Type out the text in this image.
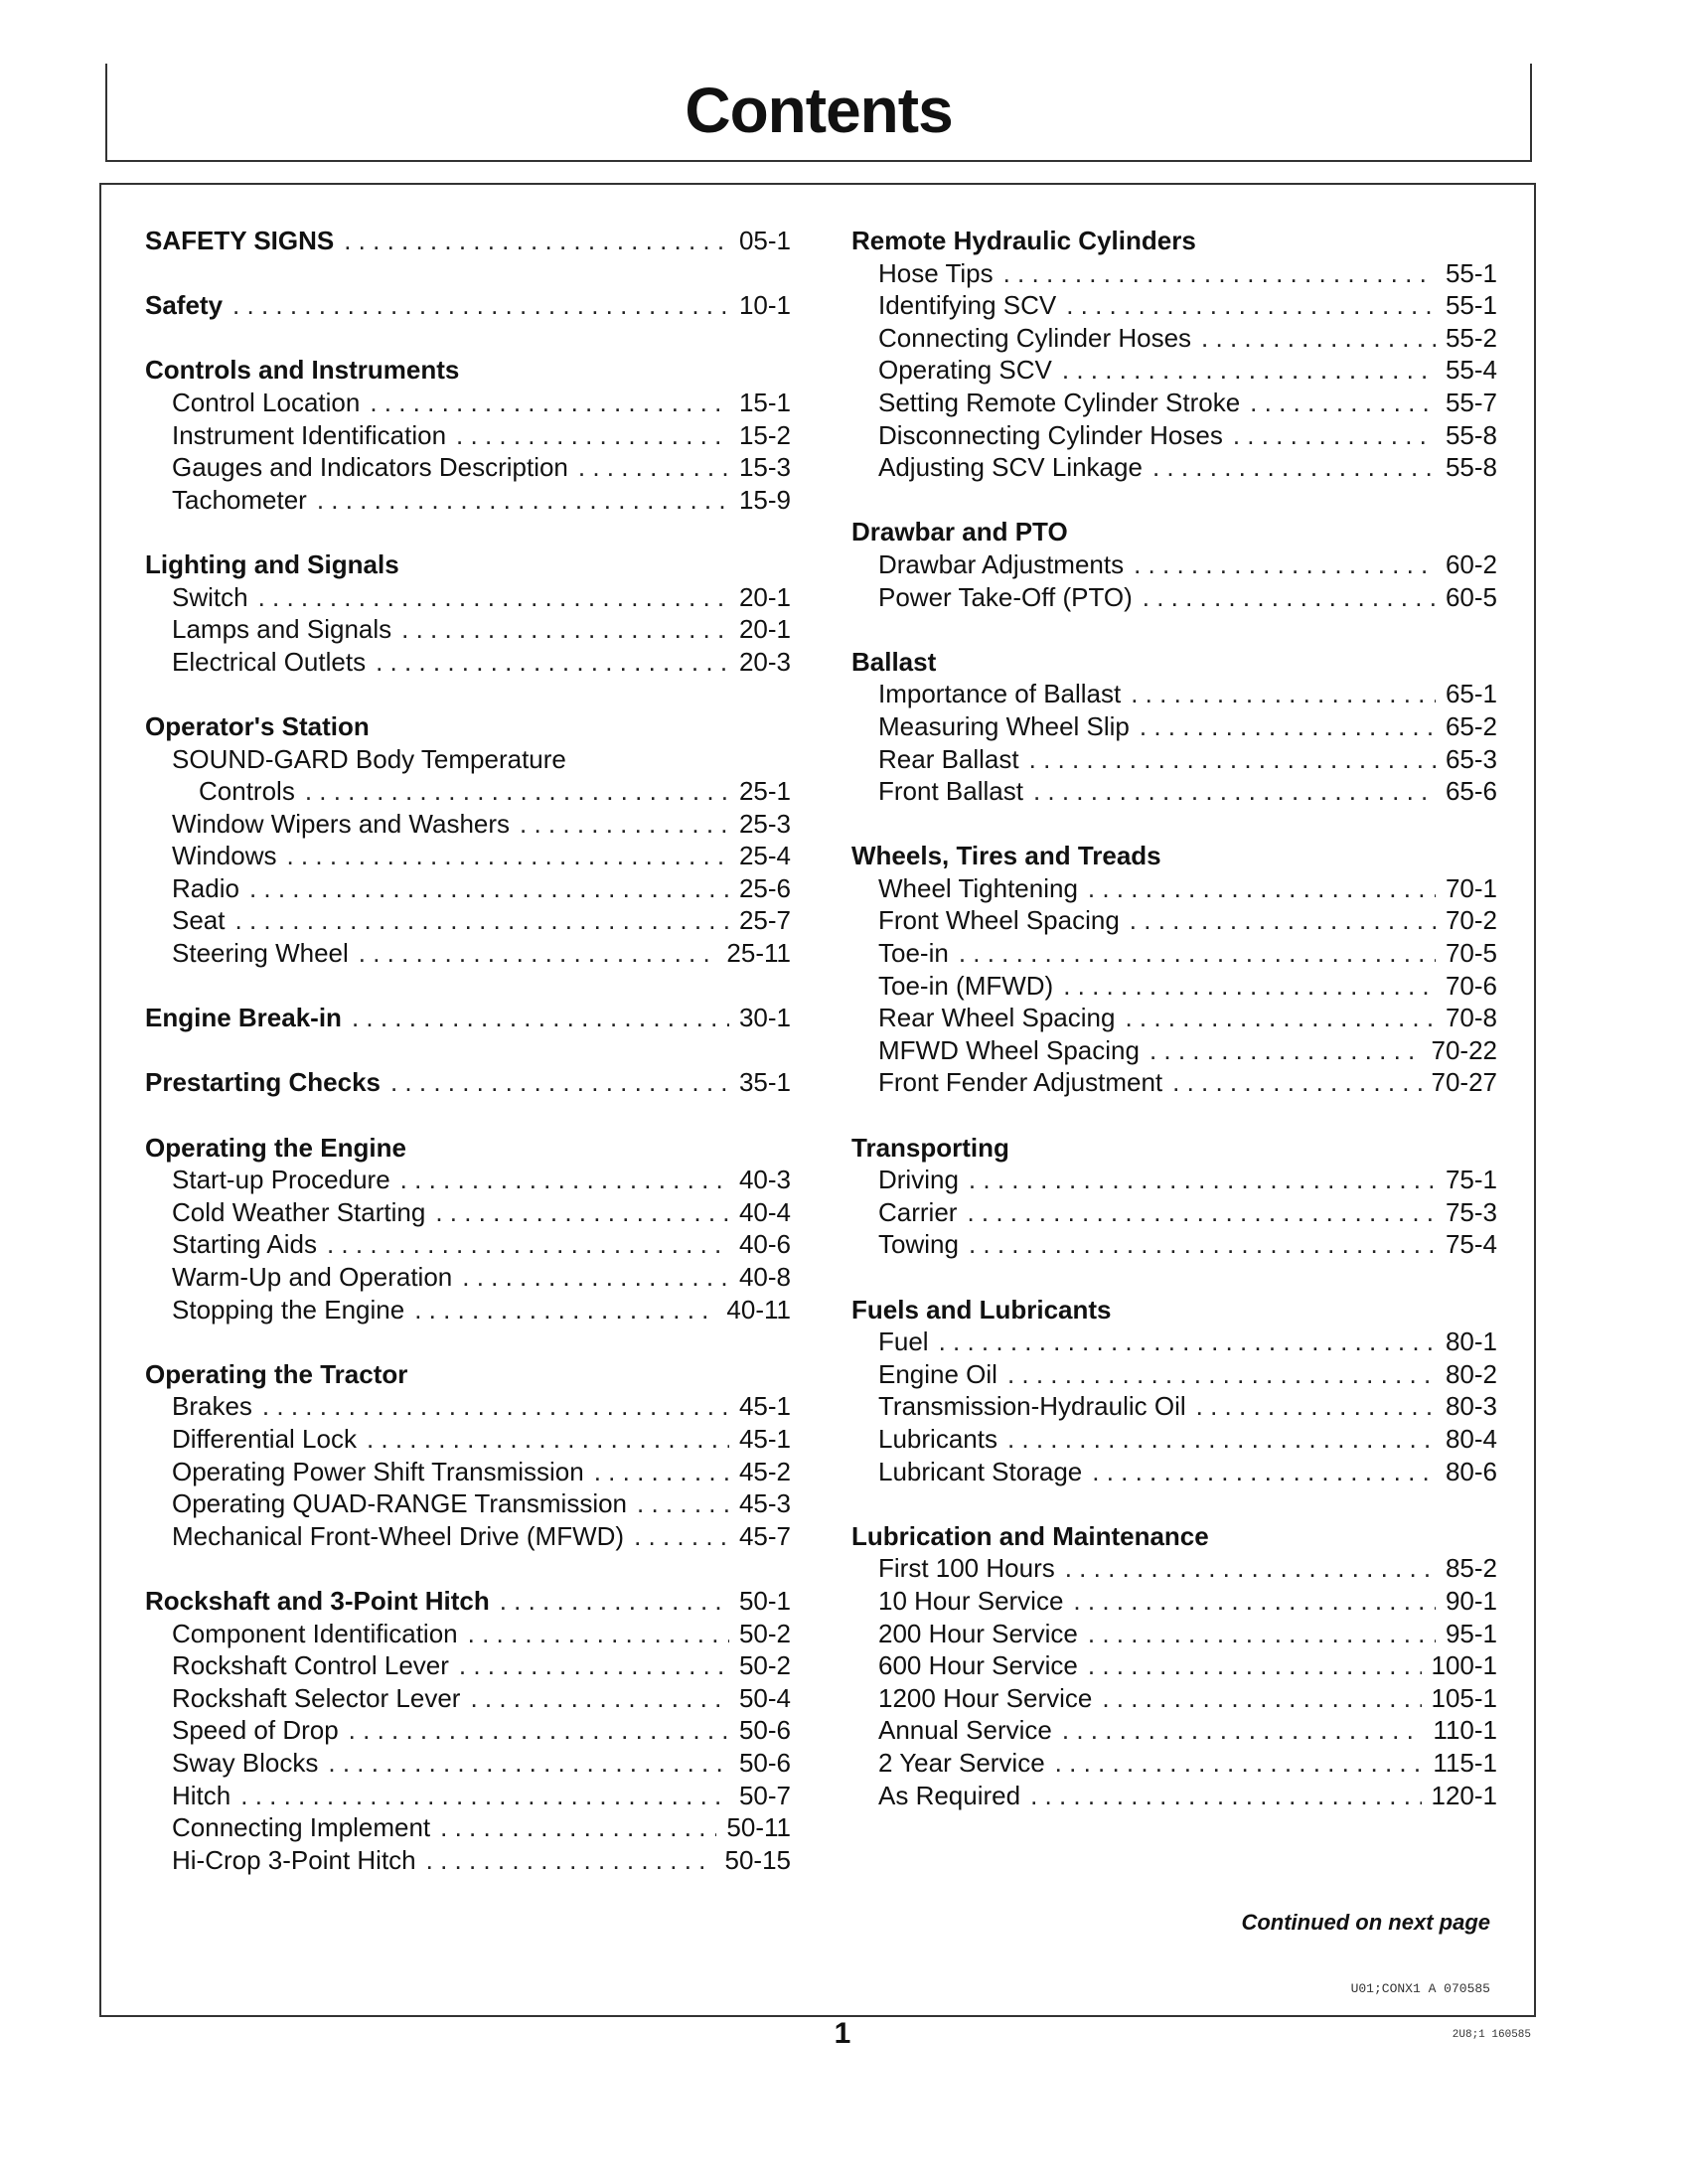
Contents
SAFETY SIGNS . . .	05-1
Safety . . .	10-1
Controls and Instruments
Control Location . . .	15-1
Instrument Identification . . .	15-2
Gauges and Indicators Description . . .	15-3
Tachometer . . .	15-9
Lighting and Signals
Switch . . .	20-1
Lamps and Signals . . .	20-1
Electrical Outlets . . .	20-3
Operator's Station
SOUND-GARD Body Temperature
Controls . . .	25-1
Window Wipers and Washers . . .	25-3
Windows . . .	25-4
Radio . . .	25-6
Seat . . .	25-7
Steering Wheel . . .	25-11
Engine Break-in . . .	30-1
Prestarting Checks . . .	35-1
Operating the Engine
Start-up Procedure . . .	40-3
Cold Weather Starting . . .	40-4
Starting Aids . . .	40-6
Warm-Up and Operation . . .	40-8
Stopping the Engine . . .	40-11
Operating the Tractor
Brakes . . .	45-1
Differential Lock . . .	45-1
Operating Power Shift Transmission . . .	45-2
Operating QUAD-RANGE Transmission . . .	45-3
Mechanical Front-Wheel Drive (MFWD) . . .	45-7
Rockshaft and 3-Point Hitch . . .	50-1
Component Identification . . .	50-2
Rockshaft Control Lever . . .	50-2
Rockshaft Selector Lever . . .	50-4
Speed of Drop . . .	50-6
Sway Blocks . . .	50-6
Hitch . . .	50-7
Connecting Implement . . .	50-11
Hi-Crop 3-Point Hitch . . .	50-15
Remote Hydraulic Cylinders
Hose Tips . . .	55-1
Identifying SCV . . .	55-1
Connecting Cylinder Hoses . . .	55-2
Operating SCV . . .	55-4
Setting Remote Cylinder Stroke . . .	55-7
Disconnecting Cylinder Hoses . . .	55-8
Adjusting SCV Linkage . . .	55-8
Drawbar and PTO
Drawbar Adjustments . . .	60-2
Power Take-Off (PTO) . . .	60-5
Ballast
Importance of Ballast . . .	65-1
Measuring Wheel Slip . . .	65-2
Rear Ballast . . .	65-3
Front Ballast . . .	65-6
Wheels, Tires and Treads
Wheel Tightening . . .	70-1
Front Wheel Spacing . . .	70-2
Toe-in . . .	70-5
Toe-in (MFWD) . . .	70-6
Rear Wheel Spacing . . .	70-8
MFWD Wheel Spacing . . .	70-22
Front Fender Adjustment . . .	70-27
Transporting
Driving . . .	75-1
Carrier . . .	75-3
Towing . . .	75-4
Fuels and Lubricants
Fuel . . .	80-1
Engine Oil . . .	80-2
Transmission-Hydraulic Oil . . .	80-3
Lubricants . . .	80-4
Lubricant Storage . . .	80-6
Lubrication and Maintenance
First 100 Hours . . .	85-2
10 Hour Service . . .	90-1
200 Hour Service . . .	95-1
600 Hour Service . . .	100-1
1200 Hour Service . . .	105-1
Annual Service . . .	110-1
2 Year Service . . .	115-1
As Required . . .	120-1
Continued on next page
U01;CONX1 A 070585
1	2U8;1 160585
